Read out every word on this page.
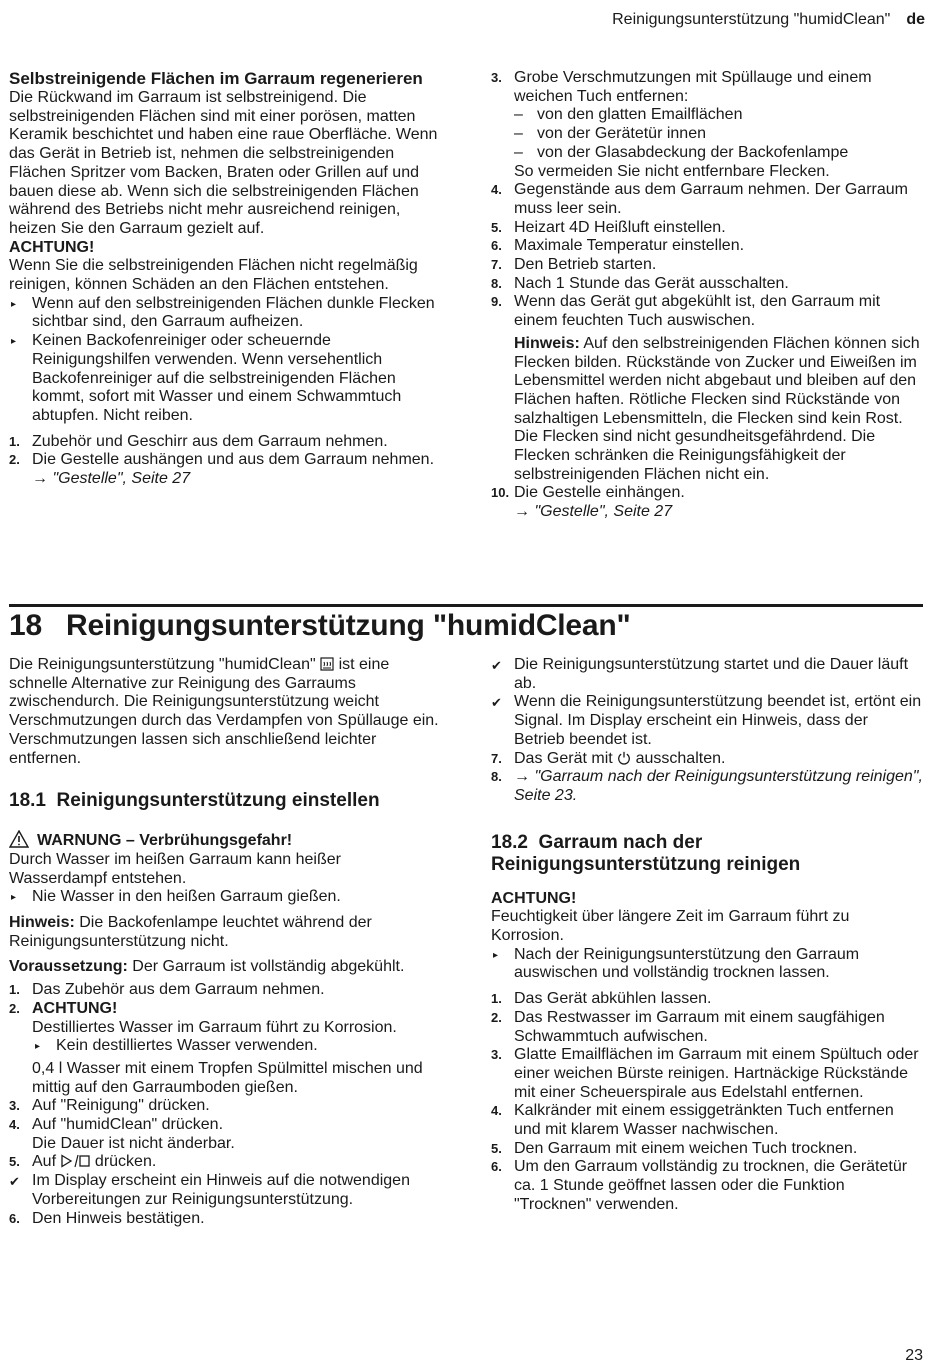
Reinigungsunterstützung "humidClean" de

Selbstreinigende Flächen im Garraum regenerieren

Die Rückwand im Garraum ist selbstreinigend. Die selbstreinigenden Flächen sind mit einer porösen, matten Keramik beschichtet und haben eine raue Oberfläche. Wenn das Gerät in Betrieb ist, nehmen die selbstreinigenden Flächen Spritzer vom Backen, Braten oder Grillen auf und bauen diese ab. Wenn sich die selbstreinigenden Flächen während des Betriebs nicht mehr ausreichend reinigen, heizen Sie den Garraum gezielt auf.

ACHTUNG!

Wenn Sie die selbstreinigenden Flächen nicht regelmäßig reinigen, können Schäden an den Flächen entstehen.

▸ Wenn auf den selbstreinigenden Flächen dunkle Flecken sichtbar sind, den Garraum aufheizen.
▸ Keinen Backofenreiniger oder scheuernde Reinigungshilfen verwenden. Wenn versehentlich Backofenreiniger auf die selbstreinigenden Flächen kommt, sofort mit Wasser und einem Schwammtuch abtupfen. Nicht reiben.
1. Zubehör und Geschirr aus dem Garraum nehmen.
2. Die Gestelle aushängen und aus dem Garraum nehmen.
→ "Gestelle", Seite 27
3. Grobe Verschmutzungen mit Spüllauge und einem weichen Tuch entfernen:
– von den glatten Emailflächen
– von der Gerätetür innen
– von der Glasabdeckung der Backofenlampe
So vermeiden Sie nicht entfernbare Flecken.
4. Gegenstände aus dem Garraum nehmen. Der Garraum muss leer sein.
5. Heizart 4D Heißluft einstellen.
6. Maximale Temperatur einstellen.
7. Den Betrieb starten.
8. Nach 1 Stunde das Gerät ausschalten.
9. Wenn das Gerät gut abgekühlt ist, den Garraum mit einem feuchten Tuch auswischen.
Hinweis: Auf den selbstreinigenden Flächen können sich Flecken bilden. Rückstände von Zucker und Eiweißen im Lebensmittel werden nicht abgebaut und bleiben auf den Flächen haften. Rötliche Flecken sind Rückstände von salzhaltigen Lebensmitteln, die Flecken sind kein Rost. Die Flecken sind nicht gesundheitsgefährdend. Die Flecken schränken die Reinigungsfähigkeit der selbstreinigenden Flächen nicht ein.
10. Die Gestelle einhängen.
→ "Gestelle", Seite 27
18 Reinigungsunterstützung "humidClean"

Die Reinigungsunterstützung "humidClean" ist eine schnelle Alternative zur Reinigung des Garraums zwischendurch. Die Reinigungsunterstützung weicht Verschmutzungen durch das Verdampfen von Spüllauge ein. Verschmutzungen lassen sich anschließend leichter entfernen.

18.1 Reinigungsunterstützung einstellen

WARNUNG – Verbrühungsgefahr!

Durch Wasser im heißen Garraum kann heißer Wasserdampf entstehen.

▸ Nie Wasser in den heißen Garraum gießen.

Hinweis: Die Backofenlampe leuchtet während der Reinigungsunterstützung nicht.

Voraussetzung: Der Garraum ist vollständig abgekühlt.

1. Das Zubehör aus dem Garraum nehmen.
2. ACHTUNG!
Destilliertes Wasser im Garraum führt zu Korrosion.
▸ Kein destilliertes Wasser verwenden.
0,4 l Wasser mit einem Tropfen Spülmittel mischen und mittig auf den Garraumboden gießen.
3. Auf "Reinigung" drücken.
4. Auf "humidClean" drücken.
Die Dauer ist nicht änderbar.
5. Auf drücken.
✔ Im Display erscheint ein Hinweis auf die notwendigen Vorbereitungen zur Reinigungsunterstützung.
6. Den Hinweis bestätigen.
✔ Die Reinigungsunterstützung startet und die Dauer läuft ab.
✔ Wenn die Reinigungsunterstützung beendet ist, ertönt ein Signal. Im Display erscheint ein Hinweis, dass der Betrieb beendet ist.
7. Das Gerät mit ausschalten.
8. → "Garraum nach der Reinigungsunterstützung reinigen", Seite 23.

18.2 Garraum nach der Reinigungsunterstützung reinigen

ACHTUNG!

Feuchtigkeit über längere Zeit im Garraum führt zu Korrosion.

▸ Nach der Reinigungsunterstützung den Garraum auswischen und vollständig trocknen lassen.
1. Das Gerät abkühlen lassen.
2. Das Restwasser im Garraum mit einem saugfähigen Schwammtuch aufwischen.
3. Glatte Emailflächen im Garraum mit einem Spültuch oder einer weichen Bürste reinigen. Hartnäckige Rückstände mit einer Scheuerspirale aus Edelstahl entfernen.
4. Kalkränder mit einem essiggetränkten Tuch entfernen und mit klarem Wasser nachwischen.
5. Den Garraum mit einem weichen Tuch trocknen.
6. Um den Garraum vollständig zu trocknen, die Gerätetür ca. 1 Stunde geöffnet lassen oder die Funktion "Trocknen" verwenden.
23
